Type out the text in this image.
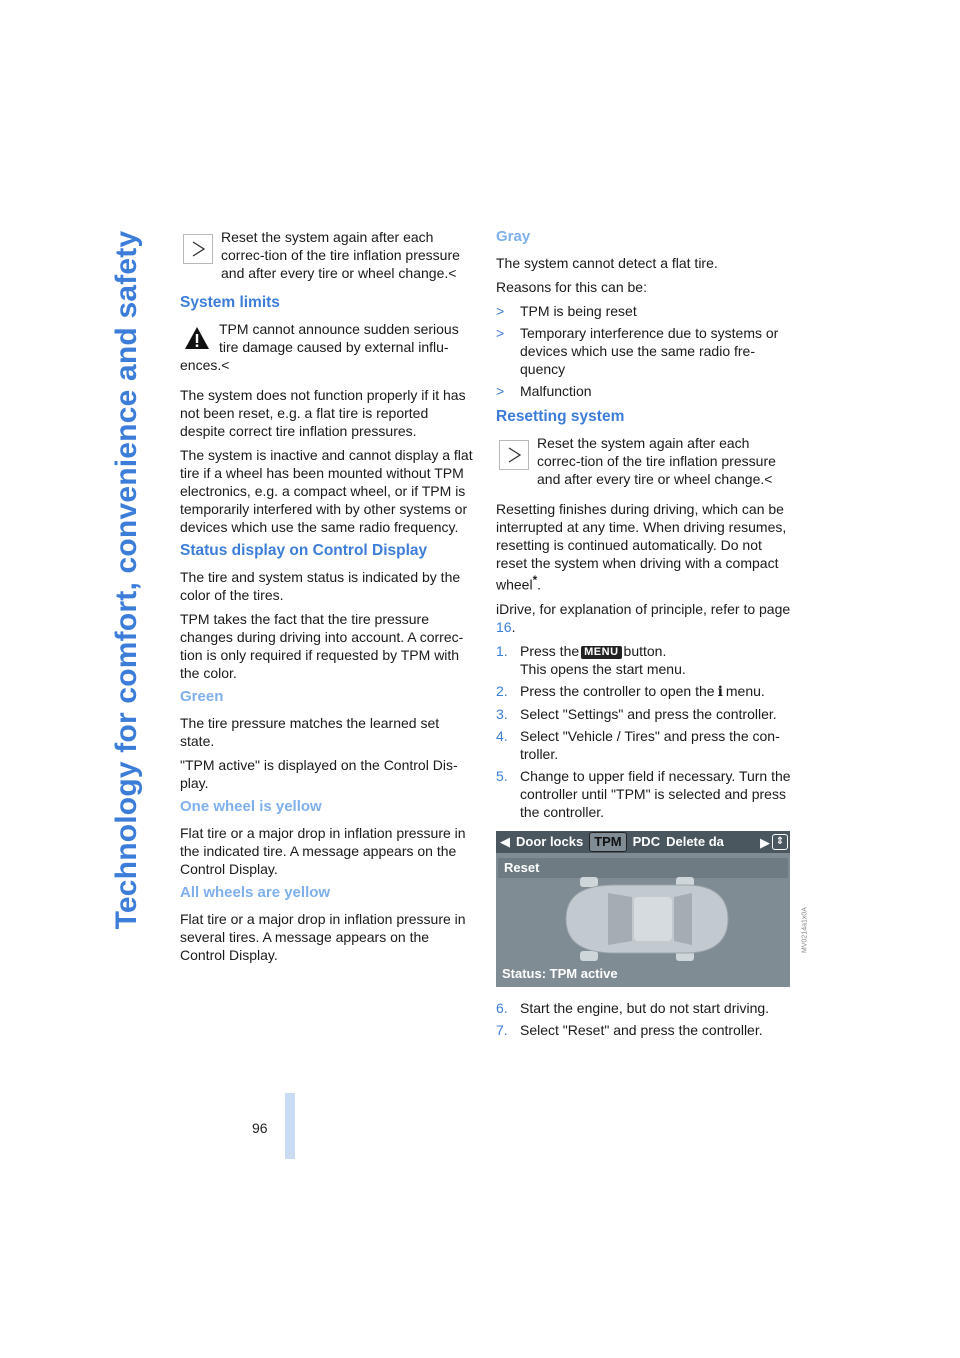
Technology for comfort, convenience and safety
96
Reset the system again after each correc-tion of the tire inflation pressure and after every tire or wheel change.<
System limits
TPM cannot announce sudden serious tire damage caused by external influ-ences.<

The system does not function properly if it has not been reset, e.g. a flat tire is reported despite correct tire inflation pressures.

The system is inactive and cannot display a flat tire if a wheel has been mounted without TPM electronics, e.g. a compact wheel, or if TPM is temporarily interfered with by other systems or devices which use the same radio frequency.

Status display on Control Display

The tire and system status is indicated by the color of the tires.

TPM takes the fact that the tire pressure changes during driving into account. A correc-tion is only required if requested by TPM with the color.

Green

The tire pressure matches the learned set state.

"TPM active" is displayed on the Control Dis-play.

One wheel is yellow

Flat tire or a major drop in inflation pressure in the indicated tire. A message appears on the Control Display.

All wheels are yellow

Flat tire or a major drop in inflation pressure in several tires. A message appears on the Control Display.

Gray

The system cannot detect a flat tire.

Reasons for this can be:

> TPM is being reset
> Temporary interference due to systems or devices which use the same radio fre-quency
> Malfunction
Resetting system
Reset the system again after each correc-tion of the tire inflation pressure and after every tire or wheel change.<

Resetting finishes during driving, which can be interrupted at any time. When driving resumes, resetting is continued automatically. Do not reset the system when driving with a compact wheel*.

iDrive, for explanation of principle, refer to page 16.

1. Press the MENU button.
This opens the start menu.
2. Press the controller to open the i menu.
3. Select "Settings" and press the controller.
4. Select "Vehicle / Tires" and press the con-troller.
5. Change to upper field if necessary. Turn the controller until "TPM" is selected and press the controller.
◀ Door locks TPM PDC Delete da	▶ ⇕
Reset
Status: TPM active
6. Start the engine, but do not start driving.
7. Select "Reset" and press the controller.
MV0214a1x0A
